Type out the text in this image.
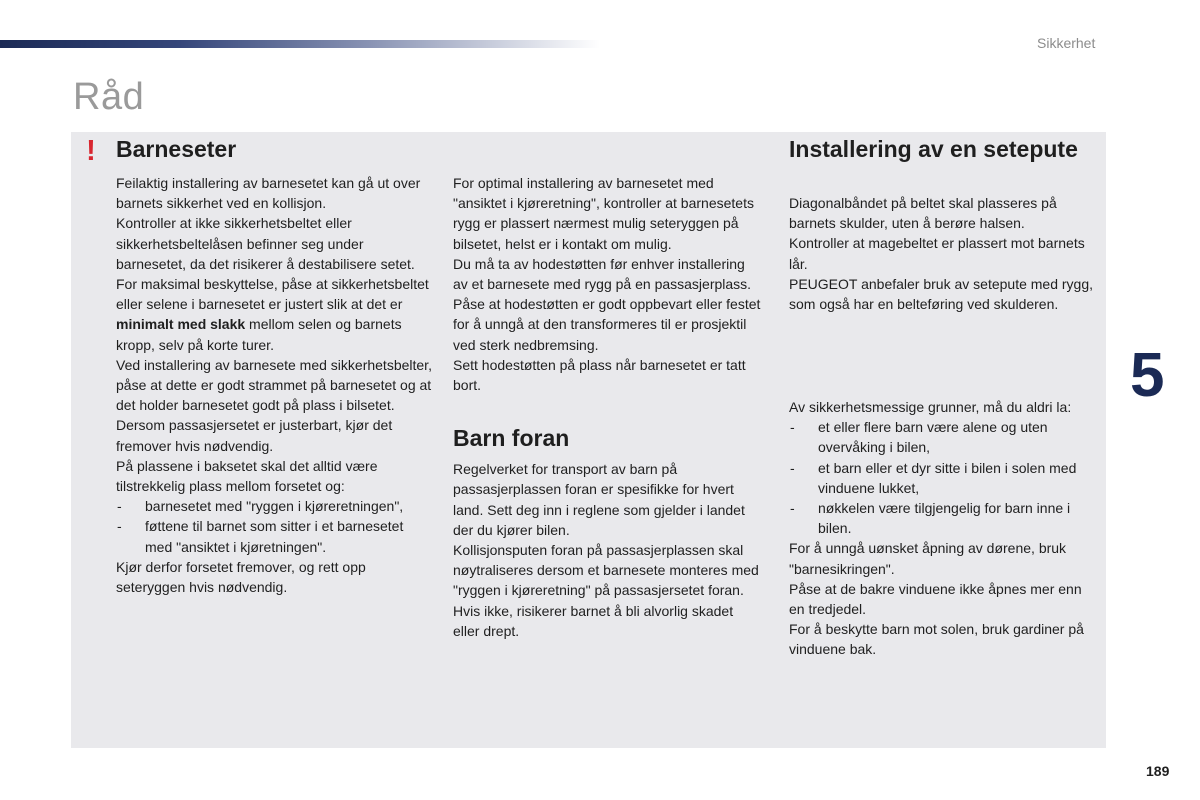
Sikkerhet
Råd
! Barneseter

Feilaktig installering av barnesetet kan gå ut over barnets sikkerhet ved en kollisjon.

Kontroller at ikke sikkerhetsbeltet eller sikkerhetsbeltelåsen befinner seg under barnesetet, da det risikerer å destabilisere setet.

For maksimal beskyttelse, påse at sikkerhetsbeltet eller selene i barnesetet er justert slik at det er minimalt med slakk mellom selen og barnets kropp, selv på korte turer.

Ved installering av barnesete med sikkerhetsbelter, påse at dette er godt strammet på barnesetet og at det holder barnesetet godt på plass i bilsetet. Dersom passasjersetet er justerbart, kjør det fremover hvis nødvendig.

På plassene i baksetet skal det alltid være tilstrekkelig plass mellom forsetet og:

- barnesetet med "ryggen i kjøreretningen",
- føttene til barnet som sitter i et barnesetet med "ansiktet i kjøretningen".

Kjør derfor forsetet fremover, og rett opp seteryggen hvis nødvendig.

For optimal installering av barnesetet med "ansiktet i kjøreretning", kontroller at barnesetets rygg er plassert nærmest mulig seteryggen på bilsetet, helst er i kontakt om mulig.

Du må ta av hodestøtten før enhver installering av et barnesete med rygg på en passasjerplass.

Påse at hodestøtten er godt oppbevart eller festet for å unngå at den transformeres til er prosjektil ved sterk nedbremsing.

Sett hodestøtten på plass når barnesetet er tatt bort.

Barn foran

Regelverket for transport av barn på passasjerplassen foran er spesifikke for hvert land. Sett deg inn i reglene som gjelder i landet der du kjører bilen.

Kollisjonsputen foran på passasjerplassen skal nøytraliseres dersom et barnesete monteres med "ryggen i kjøreretning" på passasjersetet foran. Hvis ikke, risikerer barnet å bli alvorlig skadet eller drept.

Installering av en setepute

Diagonalbåndet på beltet skal plasseres på barnets skulder, uten å berøre halsen.

Kontroller at magebeltet er plassert mot barnets lår.

PEUGEOT anbefaler bruk av setepute med rygg, som også har en belteføring ved skulderen.

Av sikkerhetsmessige grunner, må du aldri la:

- et eller flere barn være alene og uten overvåking i bilen,
- et barn eller et dyr sitte i bilen i solen med vinduene lukket,
- nøkkelen være tilgjengelig for barn inne i bilen.

For å unngå uønsket åpning av dørene, bruk "barnesikringen".

Påse at de bakre vinduene ikke åpnes mer enn en tredjedel.

For å beskytte barn mot solen, bruk gardiner på vinduene bak.

5
189
